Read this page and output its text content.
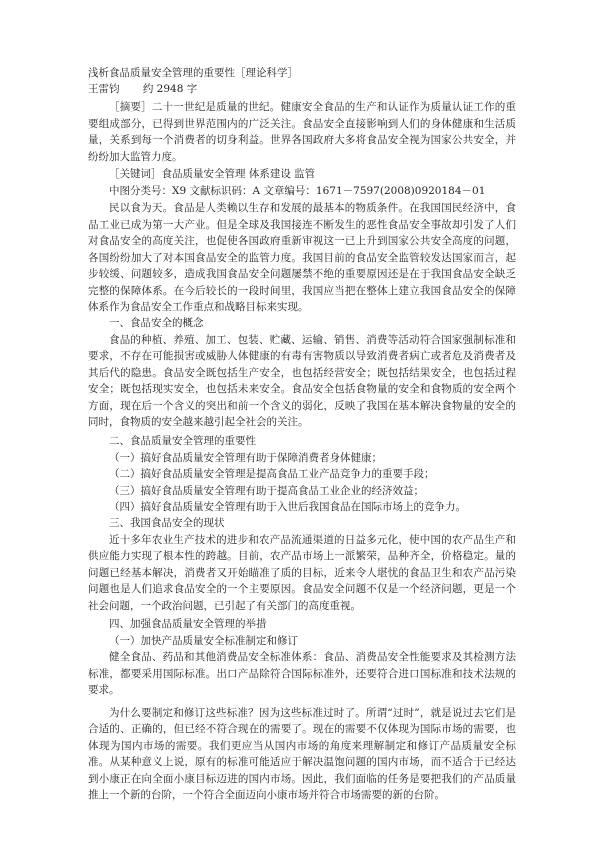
浅析食品质量安全管理的重要性［理论科学］
王雷钧 约 2948 字

［摘要］二十一世纪是质量的世纪。健康安全食品的生产和认证作为质量认证工作的重要组成部分，已得到世界范围内的广泛关注。食品安全直接影响到人们的身体健康和生活质量，关系到每一个消费者的切身利益。世界各国政府大多将食品安全视为国家公共安全，并纷纷加大监管力度。

［关键词］食品质量安全管理 体系建设 监管

中图分类号：X9 文献标识码：A 文章编号：1671－7597(2008)0920184－01

民以食为天。食品是人类赖以生存和发展的最基本的物质条件。在我国国民经济中，食品工业已成为第一大产业。但是全球及我国接连不断发生的恶性食品安全事故却引发了人们对食品安全的高度关注，也促使各国政府重新审视这一已上升到国家公共安全高度的问题，各国纷纷加大了对本国食品安全的监管力度。我国目前的食品安全监管较发达国家而言，起步较缓、问题较多，造成我国食品安全问题屡禁不绝的重要原因还是在于我国食品安全缺乏完整的保障体系。在今后较长的一段时间里，我国应当把在整体上建立我国食品安全的保障体系作为食品安全工作重点和战略目标来实现。

一、食品安全的概念

食品的种植、养殖、加工、包装、贮藏、运输、销售、消费等活动符合国家强制标准和要求，不存在可能损害或威胁人体健康的有毒有害物质以导致消费者病亡或者危及消费者及其后代的隐患。食品安全既包括生产安全，也包括经营安全；既包括结果安全，也包括过程安全；既包括现实安全，也包括未来安全。食品安全包括食物量的安全和食物质的安全两个方面，现在后一个含义的突出和前一个含义的弱化，反映了我国在基本解决食物量的安全的同时，食物质的安全越来越引起全社会的关注。

二、食品质量安全管理的重要性

（一）搞好食品质量安全管理有助于保障消费者身体健康；

（二）搞好食品质量安全管理是提高食品工业产品竞争力的重要手段；

（三）搞好食品质量安全管理有助于提高食品工业企业的经济效益；

（四）搞好食品质量安全管理有助于入世后我国食品在国际市场上的竞争力。

三、我国食品安全的现状

近十多年农业生产技术的进步和农产品流通渠道的日益多元化，使中国的农产品生产和供应能力实现了根本性的跨越。目前，农产品市场上一派繁荣，品种齐全，价格稳定。量的问题已经基本解决，消费者又开始瞄准了质的目标，近来令人堪忧的食品卫生和农产品污染问题也是人们追求食品安全的一个主要原因。食品安全问题不仅是一个经济问题，更是一个社会问题，一个政治问题，已引起了有关部门的高度重视。

四、加强食品质量安全管理的举措

（一）加快产品质量安全标准制定和修订

健全食品、药品和其他消费品安全标准体系：食品、消费品安全性能要求及其检测方法标准，都要采用国际标准。出口产品除符合国际标准外，还要符合进口国标准和技术法规的要求。

为什么要制定和修订这些标准？因为这些标准过时了。所谓“过时”，就是说过去它们是合适的、正确的，但已经不符合现在的需要了。现在的需要不仅体现为国际市场的需要，也体现为国内市场的需要。我们更应当从国内市场的角度来理解制定和修订产品质量安全标准。从某种意义上说，原有的标准可能适应于解决温饱问题的国内市场，而不适合于已经达到小康正在向全面小康目标迈进的国内市场。因此，我们面临的任务是要把我们的产品质量推上一个新的台阶，一个符合全面迈向小康市场并符合市场需要的新的台阶。
